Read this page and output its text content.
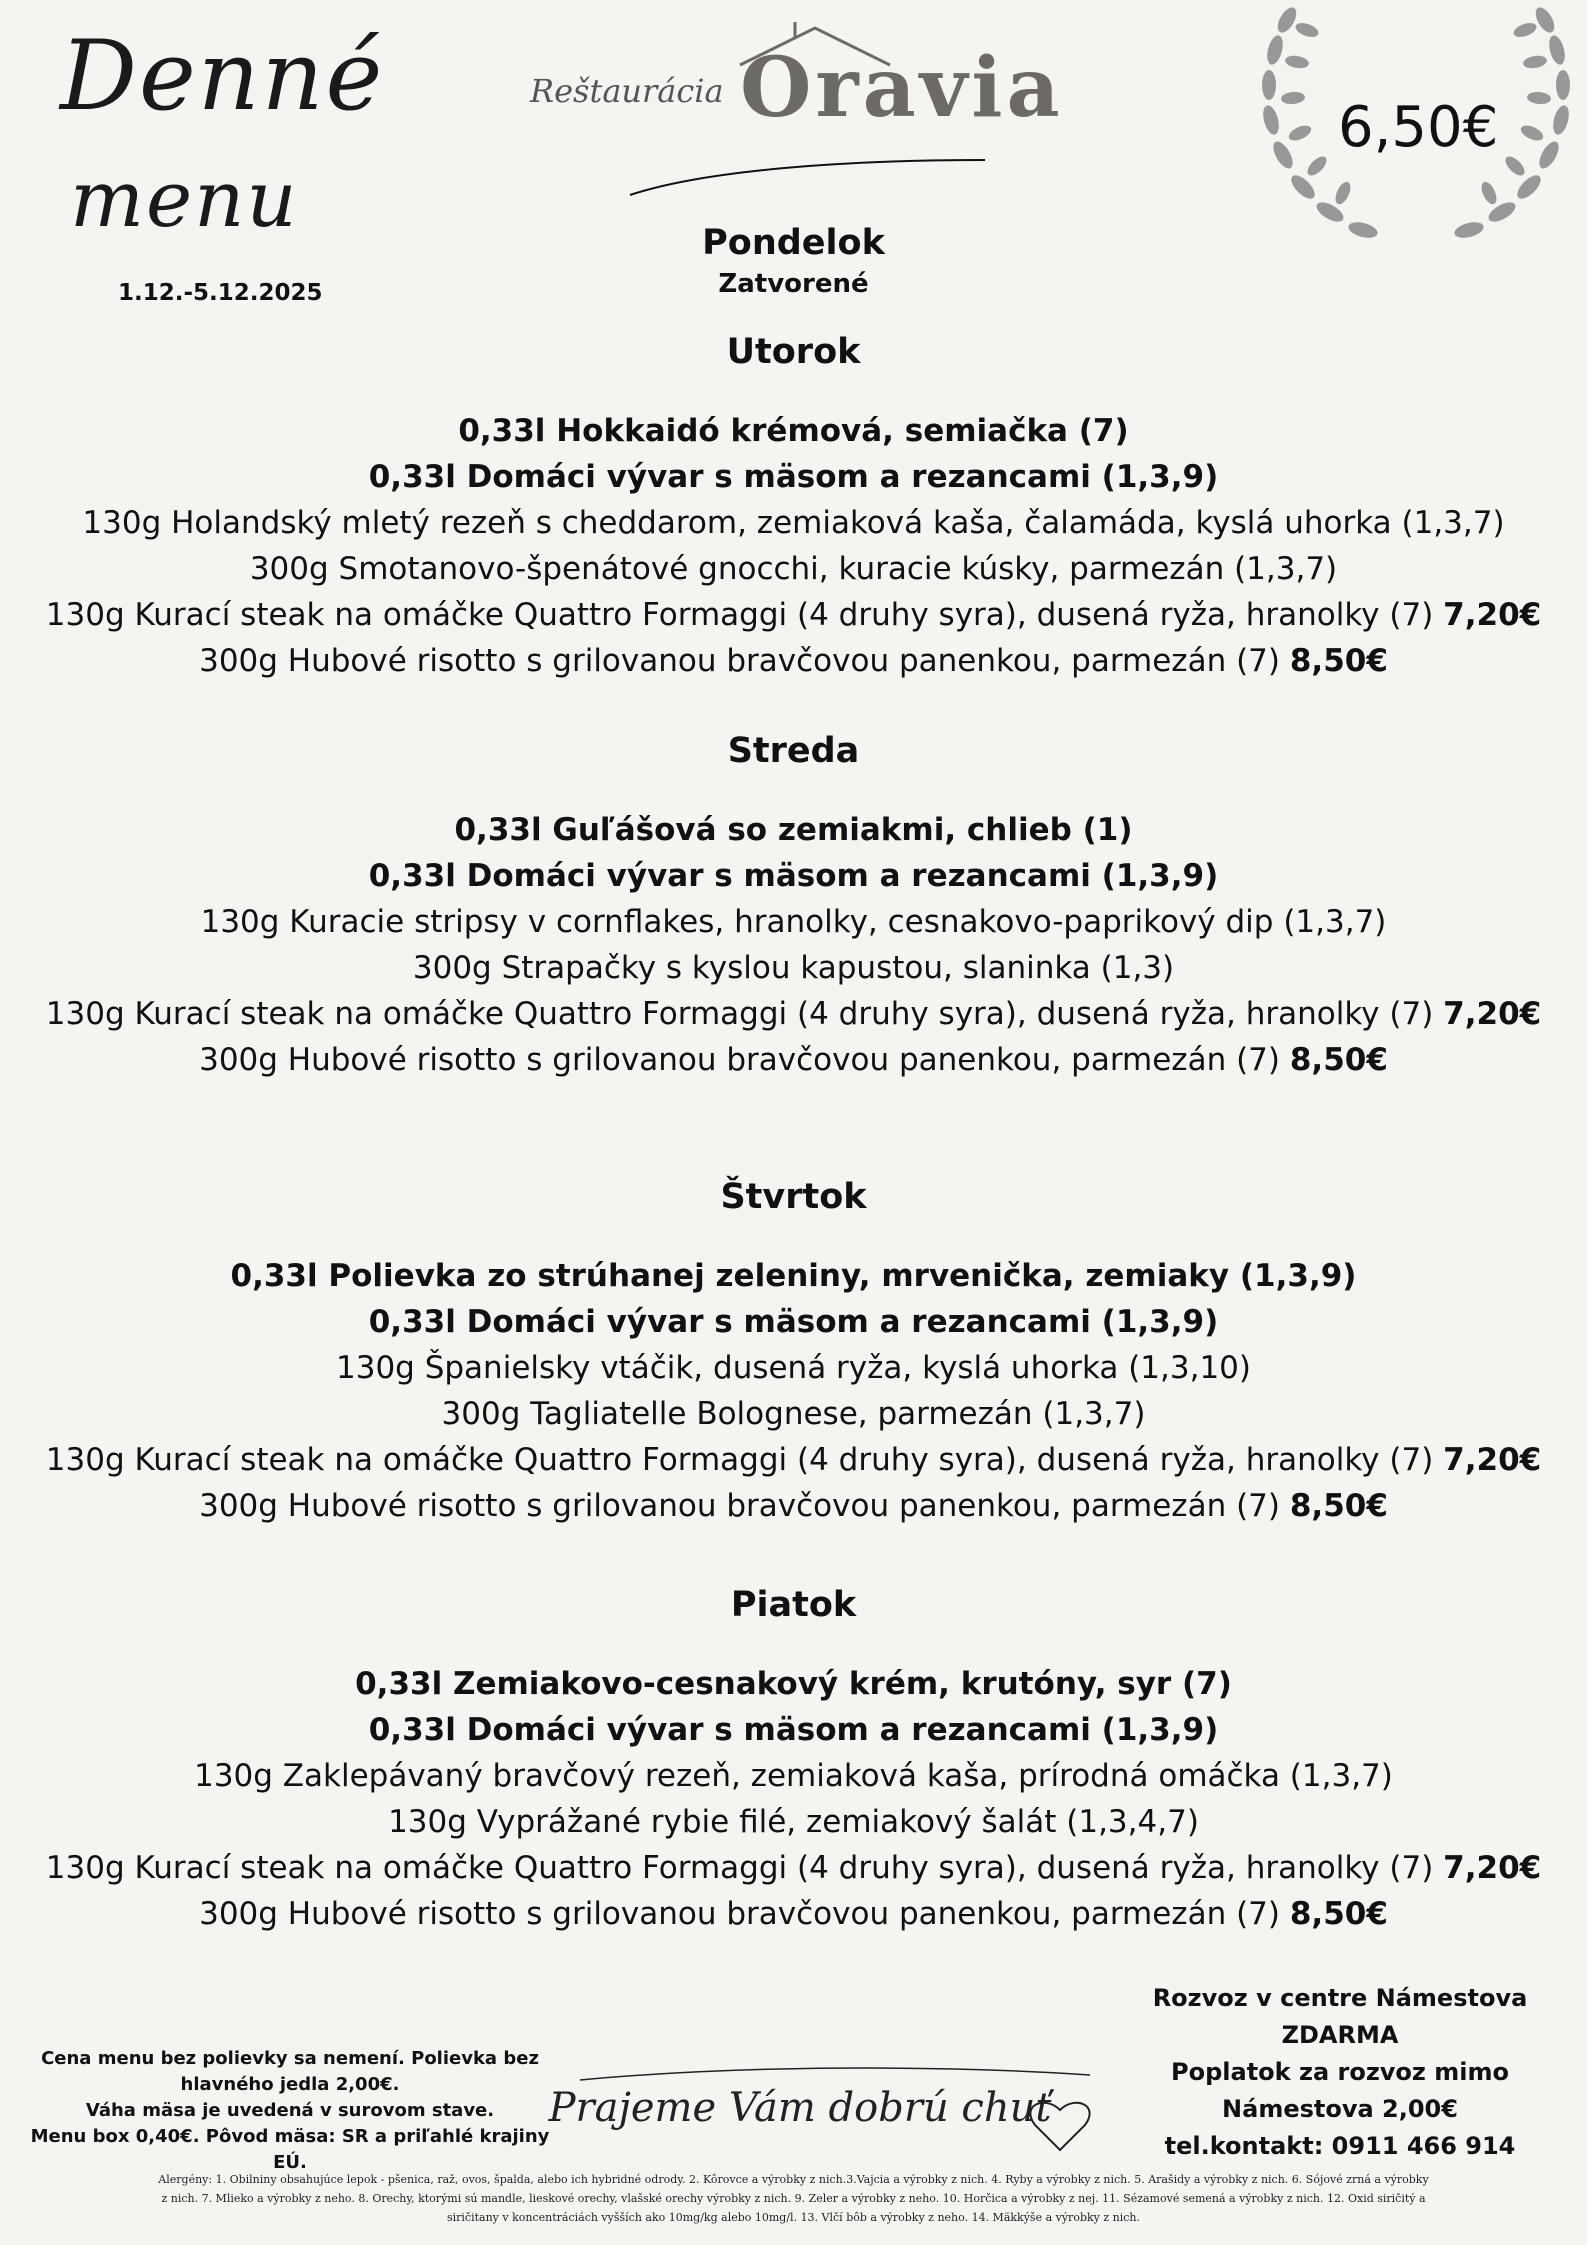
Denné
menu
1.12.-5.12.2025
Reštaurácia Oravia	6,50€
Pondelok
Zatvorené
Utorok
0,33l Hokkaidó krémová, semiačka (7)
0,33l Domáci vývar s mäsom a rezancami (1,3,9)
130g Holandský mletý rezeň s cheddarom, zemiaková kaša, čalamáda, kyslá uhorka (1,3,7)
300g Smotanovo-špenátové gnocchi, kuracie kúsky, parmezán (1,3,7)
130g Kurací steak na omáčke Quattro Formaggi (4 druhy syra), dusená ryža, hranolky (7) 7,20€
300g Hubové risotto s grilovanou bravčovou panenkou, parmezán (7) 8,50€
Streda
0,33l Guľášová so zemiakmi, chlieb (1)
0,33l Domáci vývar s mäsom a rezancami (1,3,9)
130g Kuracie stripsy v cornflakes, hranolky, cesnakovo-paprikový dip (1,3,7)
300g Strapačky s kyslou kapustou, slaninka (1,3)
130g Kurací steak na omáčke Quattro Formaggi (4 druhy syra), dusená ryža, hranolky (7) 7,20€
300g Hubové risotto s grilovanou bravčovou panenkou, parmezán (7) 8,50€
Štvrtok
0,33l Polievka zo strúhanej zeleniny, mrvenička, zemiaky (1,3,9)
0,33l Domáci vývar s mäsom a rezancami (1,3,9)
130g Španielsky vtáčik, dusená ryža, kyslá uhorka (1,3,10)
300g Tagliatelle Bolognese, parmezán (1,3,7)
130g Kurací steak na omáčke Quattro Formaggi (4 druhy syra), dusená ryža, hranolky (7) 7,20€
300g Hubové risotto s grilovanou bravčovou panenkou, parmezán (7) 8,50€
Piatok
0,33l Zemiakovo-cesnakový krém, krutóny, syr (7)
0,33l Domáci vývar s mäsom a rezancami (1,3,9)
130g Zaklepávaný bravčový rezeň, zemiaková kaša, prírodná omáčka (1,3,7)
130g Vyprážané rybie filé, zemiakový šalát (1,3,4,7)
130g Kurací steak na omáčke Quattro Formaggi (4 druhy syra), dusená ryža, hranolky (7) 7,20€
300g Hubové risotto s grilovanou bravčovou panenkou, parmezán (7) 8,50€
Cena menu bez polievky sa nemení. Polievka bez
hlavného jedla 2,00€.
Váha mäsa je uvedená v surovom stave.
Menu box 0,40€. Pôvod mäsa: SR a priľahlé krajiny EÚ.
Prajeme Vám dobrú chuť
Rozvoz v centre Námestova
ZDARMA
Poplatok za rozvoz mimo
Námestova 2,00€
tel.kontakt: 0911 466 914
Alergény: 1. Obilniny obsahujúce lepok - pšenica, raž, ovos, špalda, alebo ich hybridné odrody. 2. Kôrovce a výrobky z nich.3.Vajcia a výrobky z nich. 4. Ryby a výrobky z nich. 5. Arašidy a výrobky z nich. 6. Sójové zrná a výrobky
z nich. 7. Mlieko a výrobky z neho. 8. Orechy, ktorými sú mandle, lieskové orechy, vlašské orechy výrobky z nich. 9. Zeler a výrobky z neho. 10. Horčica a výrobky z nej. 11. Sézamové semená a výrobky z nich. 12. Oxid siričitý a
siričitany v koncentráciách vyšších ako 10mg/kg alebo 10mg/l. 13. Vlčí bôb a výrobky z neho. 14. Mäkkýše a výrobky z nich.
